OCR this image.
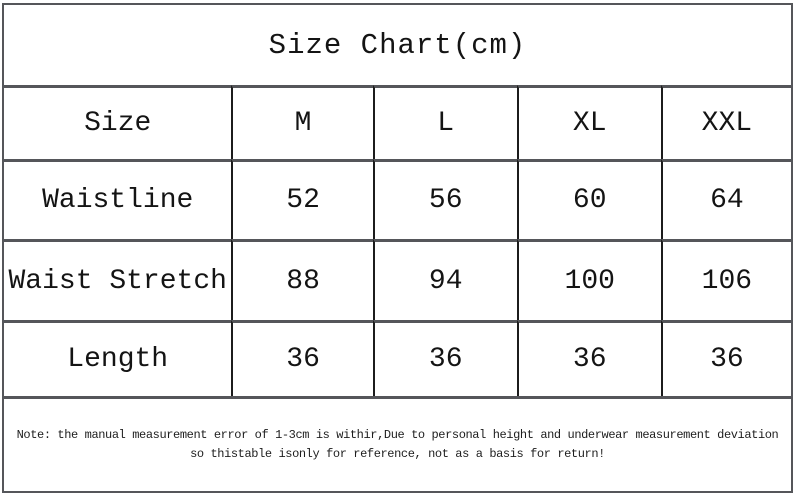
Size Chart(cm)
Size	M	L	XL	XXL
Waistline	52	56	60	64
Waist Stretch	88	94	100	106
Length	36	36	36	36
Note: the manual measurement error of 1-3cm is withir,Due to personal height and underwear measurement deviation
so thistable isonly for reference, not as a basis for return!
